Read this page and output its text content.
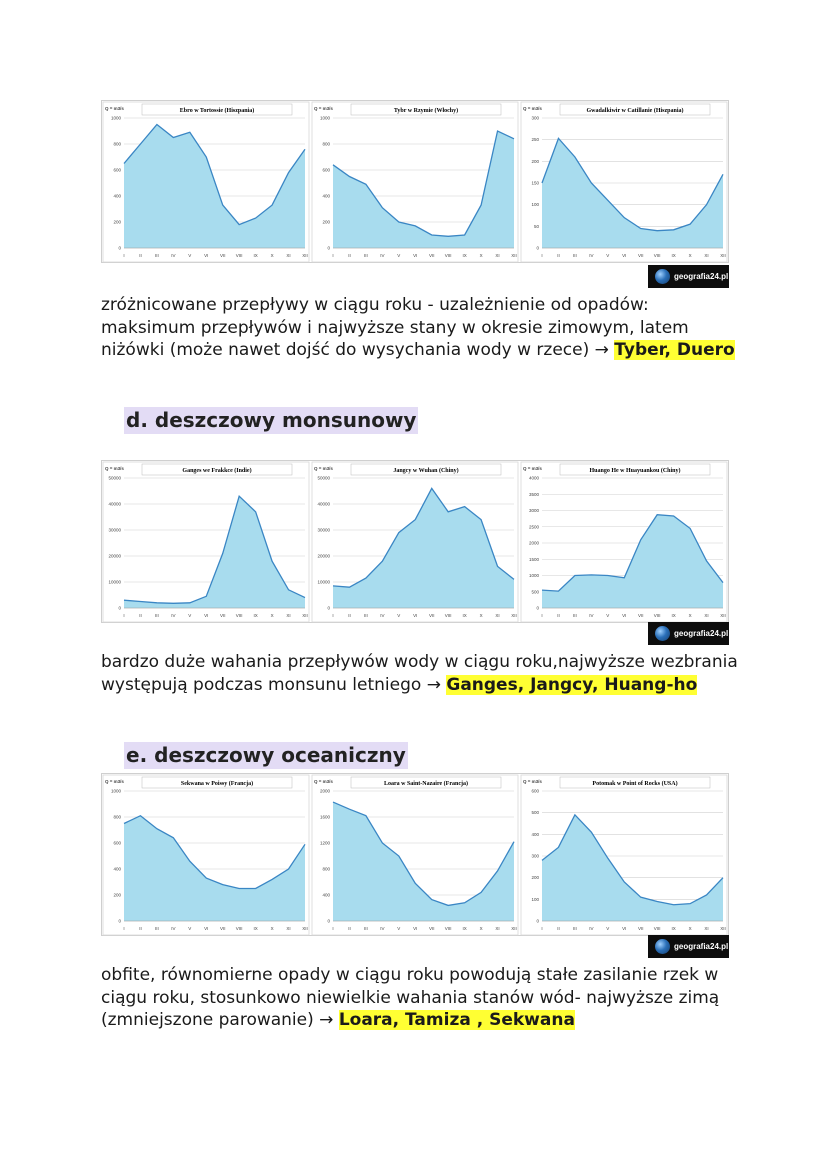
0
200
400
600
800
1000
I	II	III	IV	V	VI	VII VIII IX	X	XI	XII
Q = m3/s	Ebro w Tortossie (Hiszpania)
0
200
400
600
800
1000
I	II	III	IV	V	VI	VII VIII IX	X	XI	XII
Q = m3/s	Tybr w Rzymie (Włochy)
0
50
100
150
200
250
300
I	II	III	IV	V	VI	VII VIII IX	X	XI	XII
Q = m3/s	Gwadalkiwir w Catillanie (Hiszpania)
geografia24.pl
zróżnicowane przepływy w ciągu roku - uzależnienie od opadów: maksimum przepływów i najwyższe stany w okresie zimowym, latem niżówki (może nawet dojść do wysychania wody w rzece) → Tyber, Duero
d. deszczowy monsunowy
0
10000
20000
30000
40000
50000
I	II	III	IV	V	VI	VII VIII IX	X	XI	XII
Q = m3/s	Ganges we Frakkce (Indie)
0
10000
20000
30000
40000
50000
I	II	III	IV	V	VI	VII VIII IX	X	XI	XII
Q = m3/s	Jangcy w Wuhan (Chiny)
0
500
1000
1500
2000
2500
3000
3500
4000
I	II	III	IV	V	VI	VII VIII IX	X	XI	XII
Q = m3/s	Huango He w Huayuankou (Chiny)
geografia24.pl
bardzo duże wahania przepływów wody w ciągu roku,najwyższe wezbrania występują podczas monsunu letniego → Ganges, Jangcy, Huang-ho
e. deszczowy oceaniczny
0
200
400
600
800
1000
I	II	III	IV	V	VI	VII VIII IX	X	XI	XII
Q = m3/s	Sekwana w Poissy (Francja)
0
400
800
1200
1600
2000
I	II	III	IV	V	VI	VII VIII IX	X	XI	XII
Q = m3/s	Loara w Saint-Nazaire (Francja)
0
100
200
300
400
500
600
I	II	III	IV	V	VI	VII VIII IX	X	XI	XII
Q = m3/s	Potomak w Point of Rocks (USA)
geografia24.pl
obfite, równomierne opady w ciągu roku powodują stałe zasilanie rzek w ciągu roku, stosunkowo niewielkie wahania stanów wód- najwyższe zimą (zmniejszone parowanie) → Loara, Tamiza , Sekwana
